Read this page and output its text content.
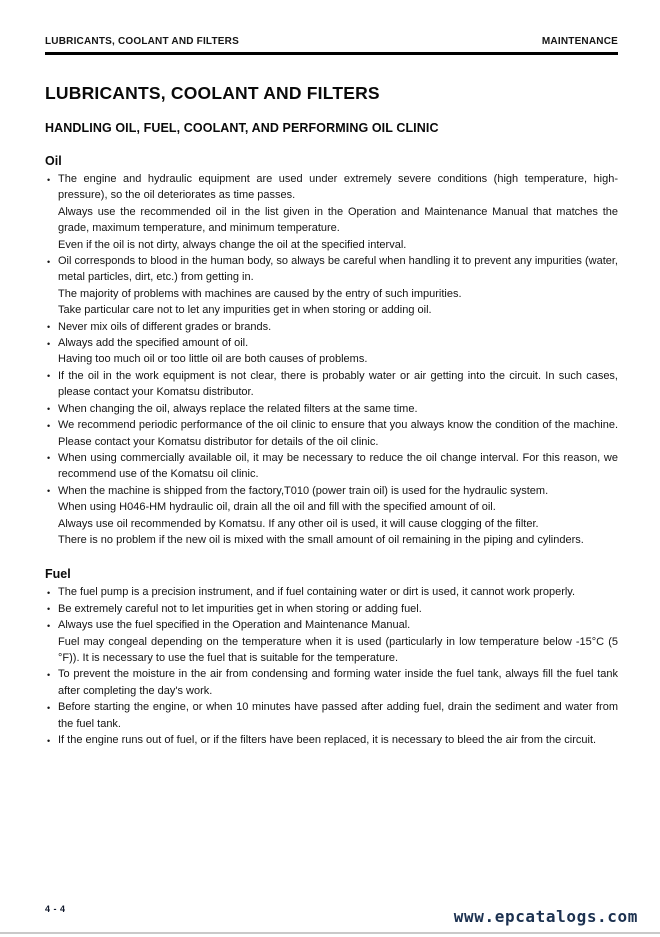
LUBRICANTS, COOLANT AND FILTERS	MAINTENANCE
LUBRICANTS, COOLANT AND FILTERS
HANDLING OIL, FUEL, COOLANT, AND PERFORMING OIL CLINIC
Oil
• The engine and hydraulic equipment are used under extremely severe conditions (high temperature, high-pressure), so the oil deteriorates as time passes.

Always use the recommended oil in the list given in the Operation and Maintenance Manual that matches the grade, maximum temperature, and minimum temperature.

Even if the oil is not dirty, always change the oil at the specified interval.

• Oil corresponds to blood in the human body, so always be careful when handling it to prevent any impurities (water, metal particles, dirt, etc.) from getting in.

The majority of problems with machines are caused by the entry of such impurities.

Take particular care not to let any impurities get in when storing or adding oil.

• Never mix oils of different grades or brands.

• Always add the specified amount of oil.

Having too much oil or too little oil are both causes of problems.

• If the oil in the work equipment is not clear, there is probably water or air getting into the circuit. In such cases, please contact your Komatsu distributor.

• When changing the oil, always replace the related filters at the same time.

• We recommend periodic performance of the oil clinic to ensure that you always know the condition of the machine. Please contact your Komatsu distributor for details of the oil clinic.

• When using commercially available oil, it may be necessary to reduce the oil change interval. For this reason, we recommend use of the Komatsu oil clinic.

• When the machine is shipped from the factory,T010 (power train oil) is used for the hydraulic system.

When using H046-HM hydraulic oil, drain all the oil and fill with the specified amount of oil.

Always use oil recommended by Komatsu. If any other oil is used, it will cause clogging of the filter.

There is no problem if the new oil is mixed with the small amount of oil remaining in the piping and cylinders.

Fuel
• The fuel pump is a precision instrument, and if fuel containing water or dirt is used, it cannot work properly.

• Be extremely careful not to let impurities get in when storing or adding fuel.

• Always use the fuel specified in the Operation and Maintenance Manual.

Fuel may congeal depending on the temperature when it is used (particularly in low temperature below -15°C (5 °F)). It is necessary to use the fuel that is suitable for the temperature.

• To prevent the moisture in the air from condensing and forming water inside the fuel tank, always fill the fuel tank after completing the day's work.

• Before starting the engine, or when 10 minutes have passed after adding fuel, drain the sediment and water from the fuel tank.

• If the engine runs out of fuel, or if the filters have been replaced, it is necessary to bleed the air from the circuit.

4 - 4	www.epcatalogs.com
